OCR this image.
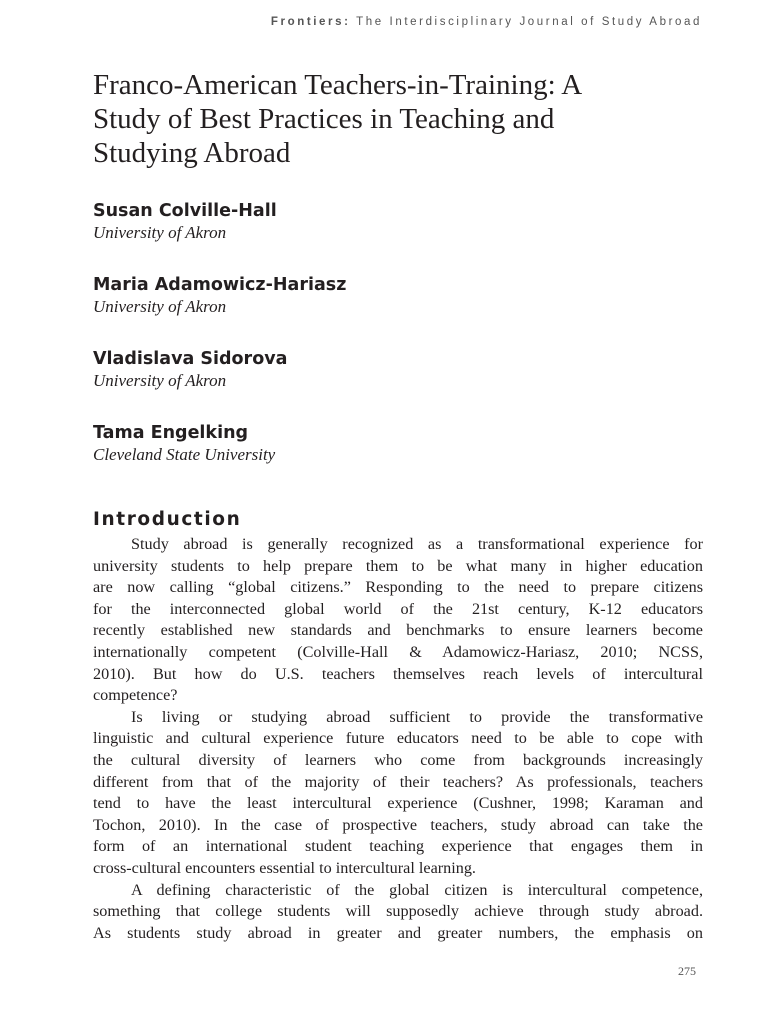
Frontiers: The Interdisciplinary Journal of Study Abroad
Franco-American Teachers-in-Training: A
Study of Best Practices in Teaching and
Studying Abroad
Susan Colville-Hall
University of Akron
Maria Adamowicz-Hariasz
University of Akron
Vladislava Sidorova
University of Akron
Tama Engelking
Cleveland State University
Introduction
Study abroad is generally recognized as a transformational experience for
university students to help prepare them to be what many in higher education
are now calling “global citizens.” Responding to the need to prepare citizens
for the interconnected global world of the 21st century, K-12 educators
recently established new standards and benchmarks to ensure learners become
internationally competent (Colville-Hall & Adamowicz-Hariasz, 2010; NCSS,
2010). But how do U.S. teachers themselves reach levels of intercultural
competence?
Is living or studying abroad sufficient to provide the transformative
linguistic and cultural experience future educators need to be able to cope with
the cultural diversity of learners who come from backgrounds increasingly
different from that of the majority of their teachers? As professionals, teachers
tend to have the least intercultural experience (Cushner, 1998; Karaman and
Tochon, 2010). In the case of prospective teachers, study abroad can take the
form of an international student teaching experience that engages them in
cross-cultural encounters essential to intercultural learning.
A defining characteristic of the global citizen is intercultural competence,
something that college students will supposedly achieve through study abroad.
As students study abroad in greater and greater numbers, the emphasis on
275
